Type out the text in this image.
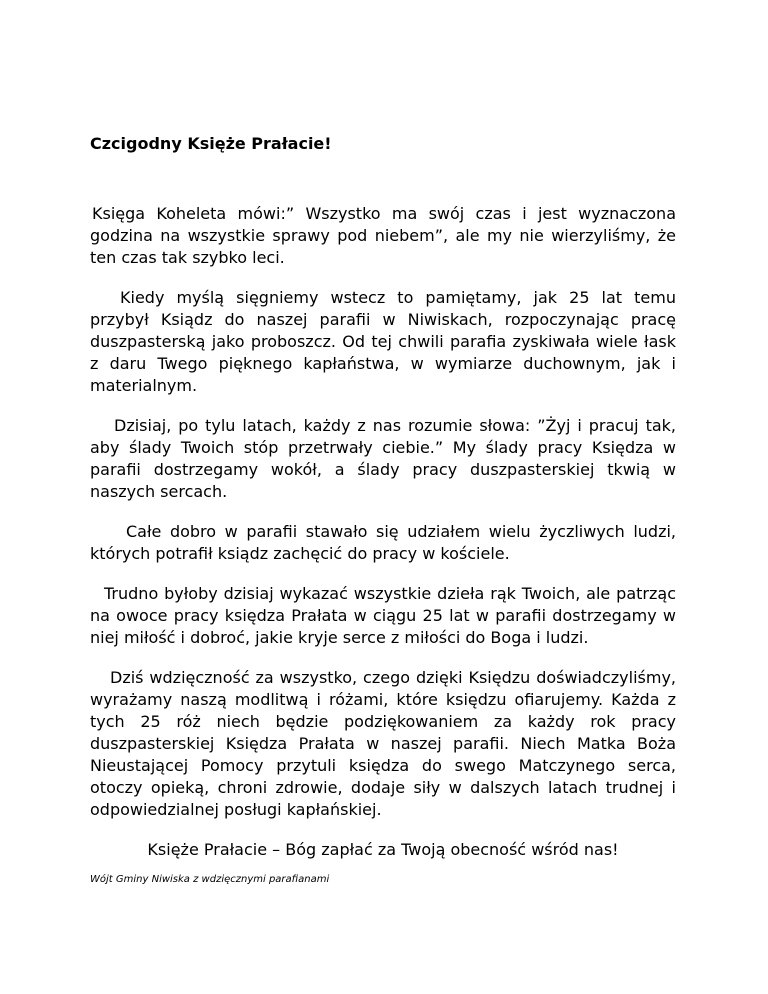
Czcigodny Księże Prałacie!

Księga Koheleta mówi:” Wszystko ma swój czas i jest wyznaczona godzina na wszystkie sprawy pod niebem”, ale my nie wierzyliśmy, że ten czas tak szybko leci.

Kiedy myślą sięgniemy wstecz to pamiętamy, jak 25 lat temu przybył Ksiądz do naszej parafii w Niwiskach, rozpoczynając pracę duszpasterską jako proboszcz. Od tej chwili parafia zyskiwała wiele łask z daru Twego pięknego kapłaństwa, w wymiarze duchownym, jak i materialnym.

Dzisiaj, po tylu latach, każdy z nas rozumie słowa: ”Żyj i pracuj tak, aby ślady Twoich stóp przetrwały ciebie.” My ślady pracy Księdza w parafii dostrzegamy wokół, a ślady pracy duszpasterskiej tkwią w naszych sercach.

Całe dobro w parafii stawało się udziałem wielu życzliwych ludzi, których potrafił ksiądz zachęcić do pracy w kościele.

Trudno byłoby dzisiaj wykazać wszystkie dzieła rąk Twoich, ale patrząc na owoce pracy księdza Prałata w ciągu 25 lat w parafii dostrzegamy w niej miłość i dobroć, jakie kryje serce z miłości do Boga i ludzi.

Dziś wdzięczność za wszystko, czego dzięki Księdzu doświadczyliśmy, wyrażamy naszą modlitwą i różami, które księdzu ofiarujemy. Każda z tych 25 róż niech będzie podziękowaniem za każdy rok pracy duszpasterskiej Księdza Prałata w naszej parafii. Niech Matka Boża Nieustającej Pomocy przytuli księdza do swego Matczynego serca, otoczy opieką, chroni zdrowie, dodaje siły w dalszych latach trudnej i odpowiedzialnej posługi kapłańskiej.

Księże Prałacie – Bóg zapłać za Twoją obecność wśród nas!

Wójt Gminy Niwiska z wdzięcznymi parafianami
